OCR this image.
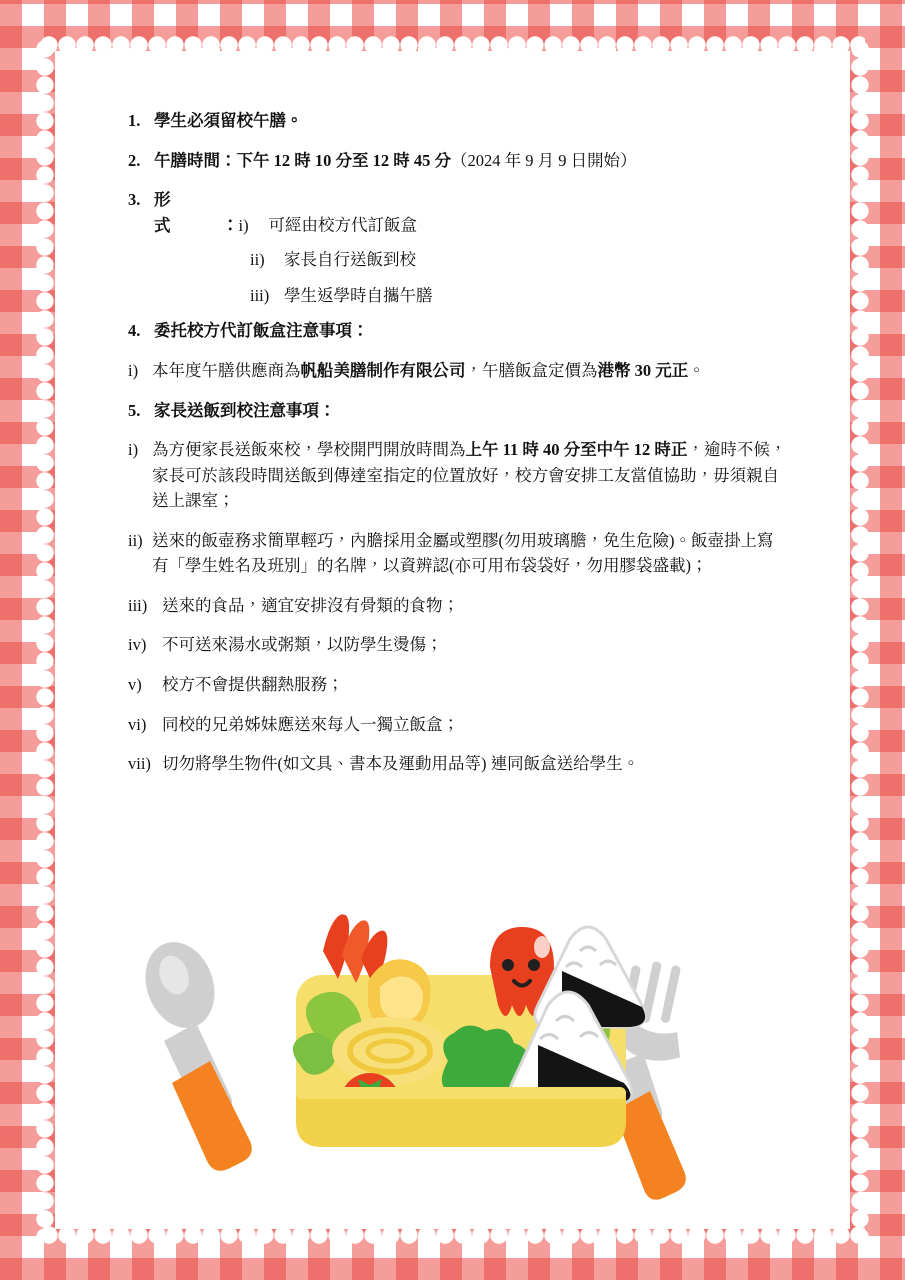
1. 學生必須留校午膳。
2. 午膳時間：下午 12 時 10 分至 12 時 45 分（2024 年 9 月 9 日開始）
3. 形　　式	：i) 可經由校方代訂飯盒
ii)	家長自行送飯到校
iii) 學生返學時自攜午膳
4. 委托校方代訂飯盒注意事項：
i) 本年度午膳供應商為帆船美膳制作有限公司，午膳飯盒定價為港幣 30 元正。
5. 家長送飯到校注意事項：
i) 為方便家長送飯來校，學校開門開放時間為上午 11 時 40 分至中午 12 時正，逾時不候，家長可於該段時間送飯到傳達室指定的位置放好，校方會安排工友當值協助，毋須親自送上課室；
ii) 送來的飯壺務求簡單輕巧，內膽採用金屬或塑膠(勿用玻璃膽，免生危險)。飯壺掛上寫有「學生姓名及班別」的名牌，以資辨認(亦可用布袋袋好，勿用膠袋盛載)；
iii) 送來的食品，適宜安排沒有骨類的食物；
iv) 不可送來湯水或粥類，以防學生燙傷；
v)	校方不會提供翻熱服務；
vi) 同校的兄弟姊妹應送來每人一獨立飯盒；
vii) 切勿將學生物件(如文具、書本及運動用品等) 連同飯盒送给學生。
